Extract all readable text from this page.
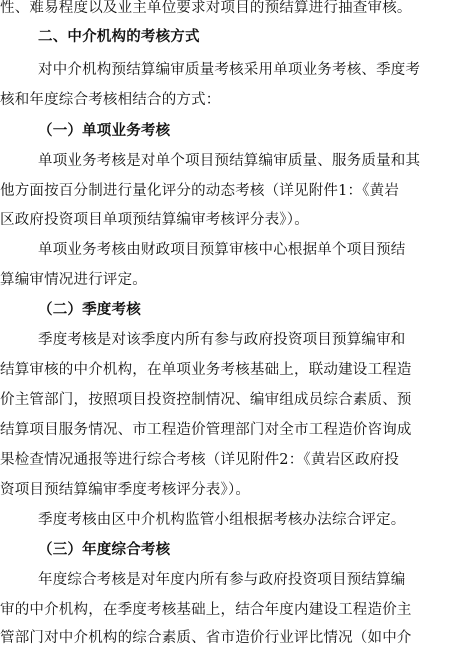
性、难易程度以及业主单位要求对项目的预结算进行抽查审核。
二、中介机构的考核方式
对中介机构预结算编审质量考核采用单项业务考核、季度考
核和年度综合考核相结合的方式：
（一）单项业务考核
单项业务考核是对单个项目预结算编审质量、服务质量和其
他方面按百分制进行量化评分的动态考核（详见附件1：《黄岩
区政府投资项目单项预结算编审考核评分表》）。
单项业务考核由财政项目预算审核中心根据单个项目预结
算编审情况进行评定。
（二）季度考核
季度考核是对该季度内所有参与政府投资项目预算编审和
结算审核的中介机构，在单项业务考核基础上，联动建设工程造
价主管部门，按照项目投资控制情况、编审组成员综合素质、预
结算项目服务情况、市工程造价管理部门对全市工程造价咨询成
果检查情况通报等进行综合考核（详见附件2：《黄岩区政府投
资项目预结算编审季度考核评分表》）。
季度考核由区中介机构监管小组根据考核办法综合评定。
（三）年度综合考核
年度综合考核是对年度内所有参与政府投资项目预结算编
审的中介机构，在季度考核基础上，结合年度内建设工程造价主
管部门对中介机构的综合素质、省市造价行业评比情况（如中介
